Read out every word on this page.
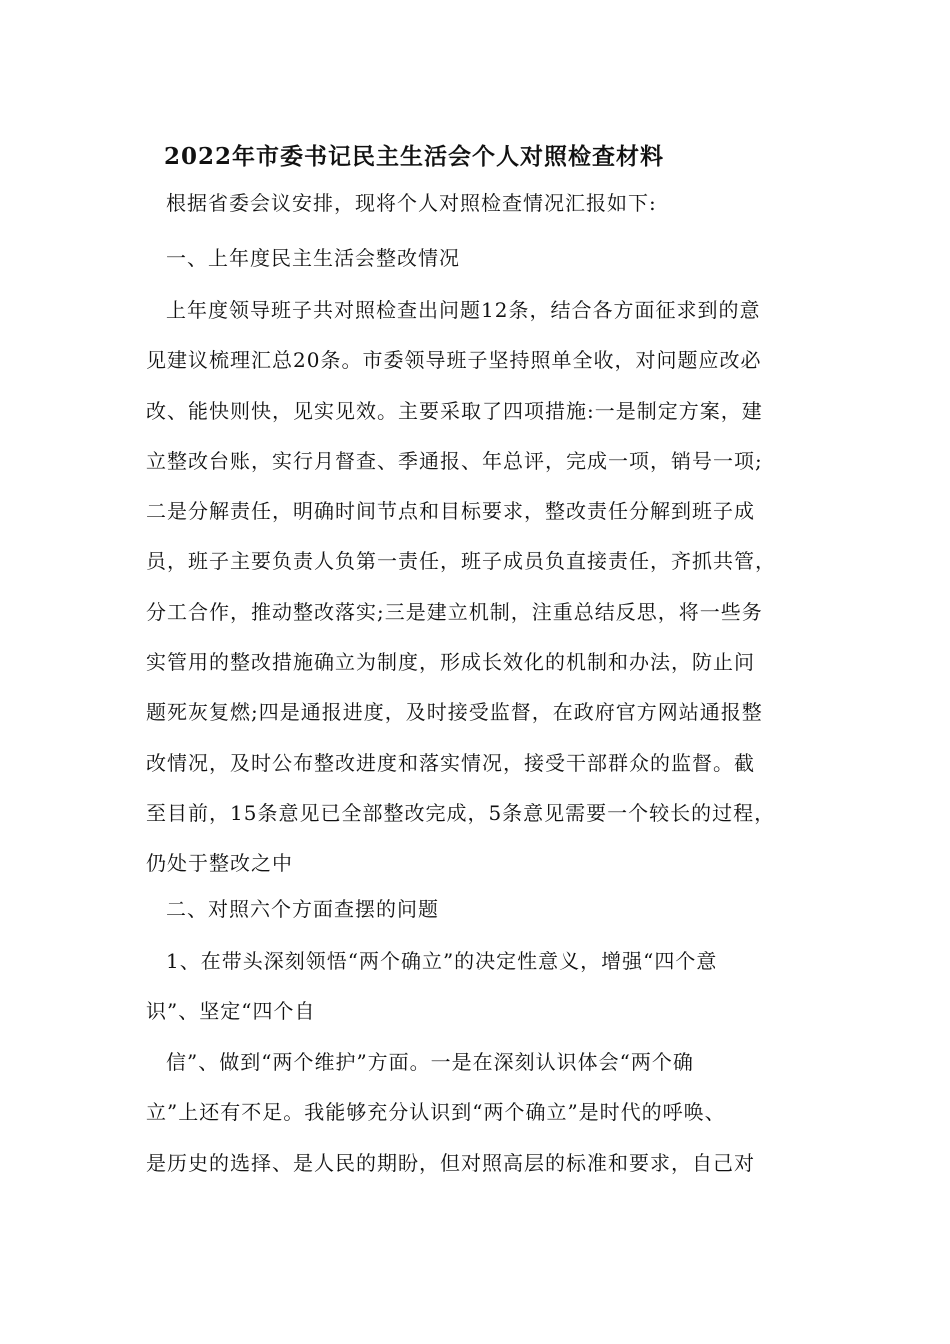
2022年市委书记民主生活会个人对照检查材料

根据省委会议安排，现将个人对照检查情况汇报如下:

一、上年度民主生活会整改情况

上年度领导班子共对照检查出问题12条，结合各方面征求到的意
见建议梳理汇总20条。市委领导班子坚持照单全收，对问题应改必
改、能快则快，见实见效。主要采取了四项措施:一是制定方案，建
立整改台账，实行月督查、季通报、年总评，完成一项，销号一项;
二是分解责任，明确时间节点和目标要求，整改责任分解到班子成
员，班子主要负责人负第一责任，班子成员负直接责任，齐抓共管，
分工合作，推动整改落实;三是建立机制，注重总结反思，将一些务
实管用的整改措施确立为制度，形成长效化的机制和办法，防止问
题死灰复燃;四是通报进度，及时接受监督，在政府官方网站通报整
改情况，及时公布整改进度和落实情况，接受干部群众的监督。截
至目前，15条意见已全部整改完成，5条意见需要一个较长的过程，
仍处于整改之中

二、对照六个方面查摆的问题

1、在带头深刻领悟“两个确立”的决定性意义，增强“四个意
识”、坚定“四个自

信”、做到“两个维护”方面。一是在深刻认识体会“两个确
立”上还有不足。我能够充分认识到“两个确立”是时代的呼唤、
是历史的选择、是人民的期盼，但对照高层的标准和要求，自己对
